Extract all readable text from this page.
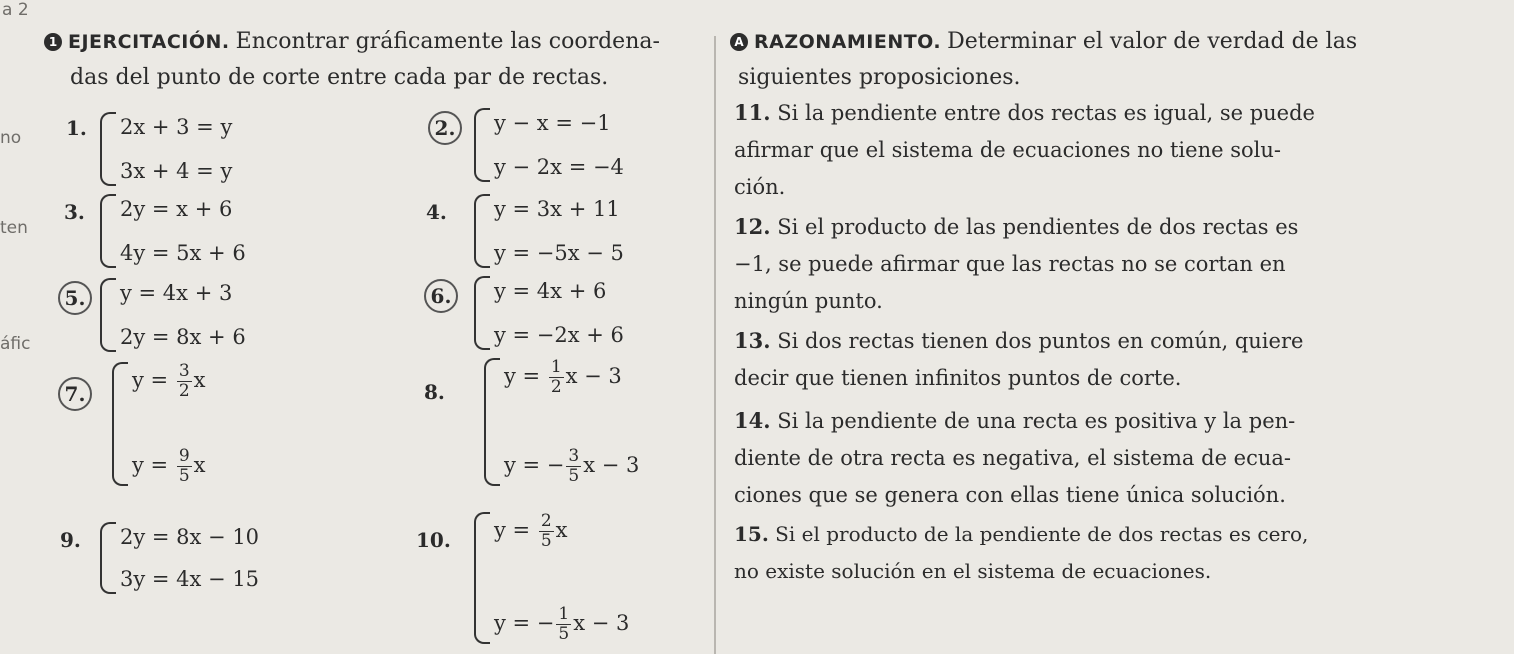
a 2
no
ten
áfic
1 EJERCITACIÓN. Encontrar gráficamente las coordena-
das del punto de corte entre cada par de rectas.
A RAZONAMIENTO. Determinar el valor de verdad de las
siguientes proposiciones.
1. 2x + 3 = y
3x + 4 = y
2.	y − x = −1
y − 2x = −4
3. 2y = x + 6
4y = 5x + 6
4. y = 3x + 11
y = −5x − 5
5.	y = 4x + 3
2y = 8x + 6
6.	y = 4x + 6
y = −2x + 6
7.
$y = \frac{3}{2}$ x
$y = \frac{9}{5}$ x
8.
$y = \frac{1}{2}$ x − 3
y = − $\frac{3}{5}$ x − 3
9. 2y = 8x − 10
3y = 4x − 15
10. $y = \frac{2}{5}$ x
y = − $\frac{1}{5}$ x − 3
11. Si la pendiente entre dos rectas es igual, se puede
afirmar que el sistema de ecuaciones no tiene solu-
ción.
12. Si el producto de las pendientes de dos rectas es
−1, se puede afirmar que las rectas no se cortan en
ningún punto.
13. Si dos rectas tienen dos puntos en común, quiere
decir que tienen infinitos puntos de corte.
14. Si la pendiente de una recta es positiva y la pen-
diente de otra recta es negativa, el sistema de ecua-
ciones que se genera con ellas tiene única solución.
15. Si el producto de la pendiente de dos rectas es cero,
no existe solución en el sistema de ecuaciones.
